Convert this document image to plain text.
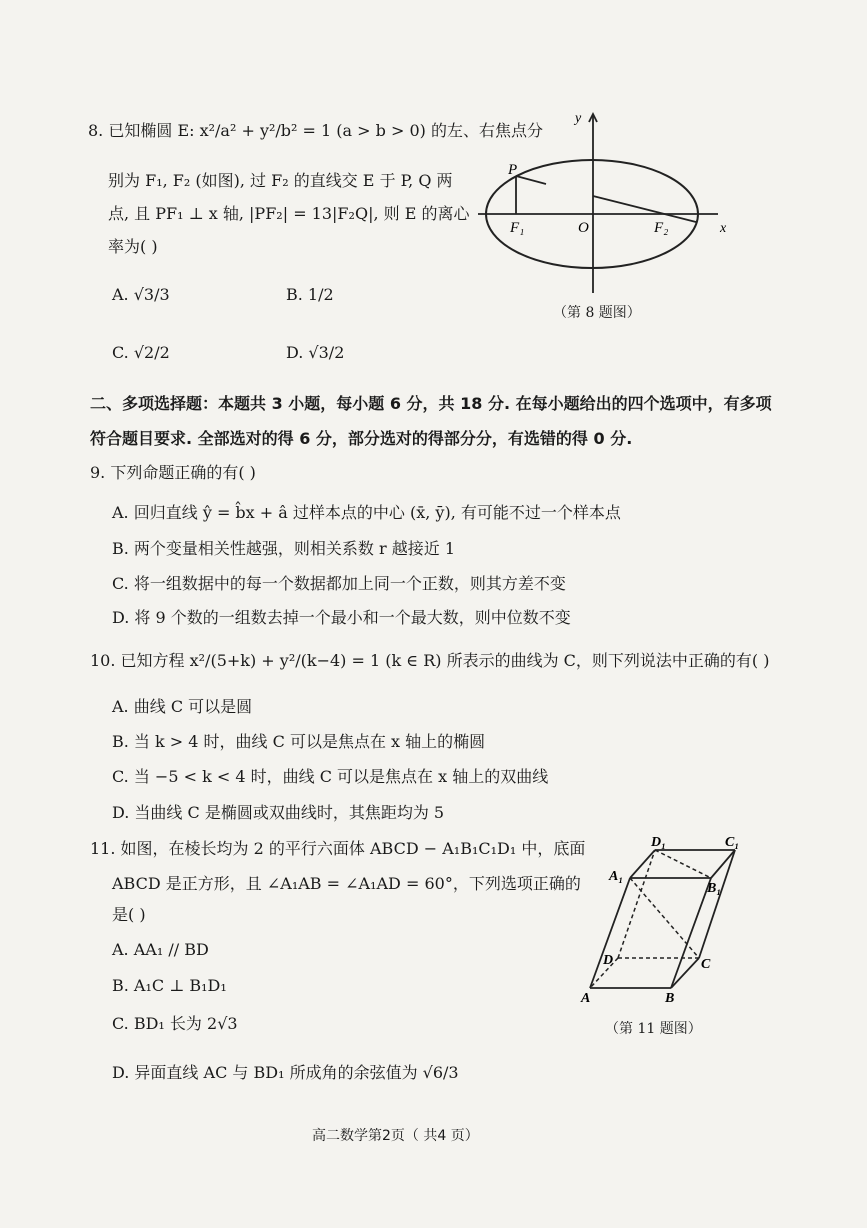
8. 已知椭圆 E: x²/a² + y²/b² = 1 (a > b > 0) 的左、右焦点分
别为 F₁, F₂ (如图), 过 F₂ 的直线交 E 于 P, Q 两
点, 且 PF₁ ⊥ x 轴, |PF₂| = 13|F₂Q|, 则 E 的离心
率为( )
A. √3/3	B. 1/2
C. √2/2	D. √3/2
y
x
P
F₁	O	F₂
（第 8 题图）
二、多项选择题：本题共 3 小题，每小题 6 分，共 18 分. 在每小题给出的四个选项中，有多项
符合题目要求. 全部选对的得 6 分，部分选对的得部分分，有选错的得 0 分.
9. 下列命题正确的有( )
A. 回归直线 ŷ = b̂x + â 过样本点的中心 (x̄, ȳ), 有可能不过一个样本点
B. 两个变量相关性越强，则相关系数 r 越接近 1
C. 将一组数据中的每一个数据都加上同一个正数，则其方差不变
D. 将 9 个数的一组数去掉一个最小和一个最大数，则中位数不变
10. 已知方程 x²/(5+k) + y²/(k−4) = 1 (k ∈ R) 所表示的曲线为 C，则下列说法中正确的有( )
A. 曲线 C 可以是圆
B. 当 k > 4 时，曲线 C 可以是焦点在 x 轴上的椭圆
C. 当 −5 < k < 4 时，曲线 C 可以是焦点在 x 轴上的双曲线
D. 当曲线 C 是椭圆或双曲线时，其焦距均为 5
11. 如图，在棱长均为 2 的平行六面体 ABCD − A₁B₁C₁D₁ 中，底面
ABCD 是正方形，且 ∠A₁AB = ∠A₁AD = 60°，下列选项正确的
是( )
A. AA₁ // BD
B. A₁C ⊥ B₁D₁
C. BD₁ 长为 2√3
D. 异面直线 AC 与 BD₁ 所成角的余弦值为 √6/3
A	B
C
D
A₁
B₁
C₁
D₁
（第 11 题图）
高二数学第2页（ 共4 页）
